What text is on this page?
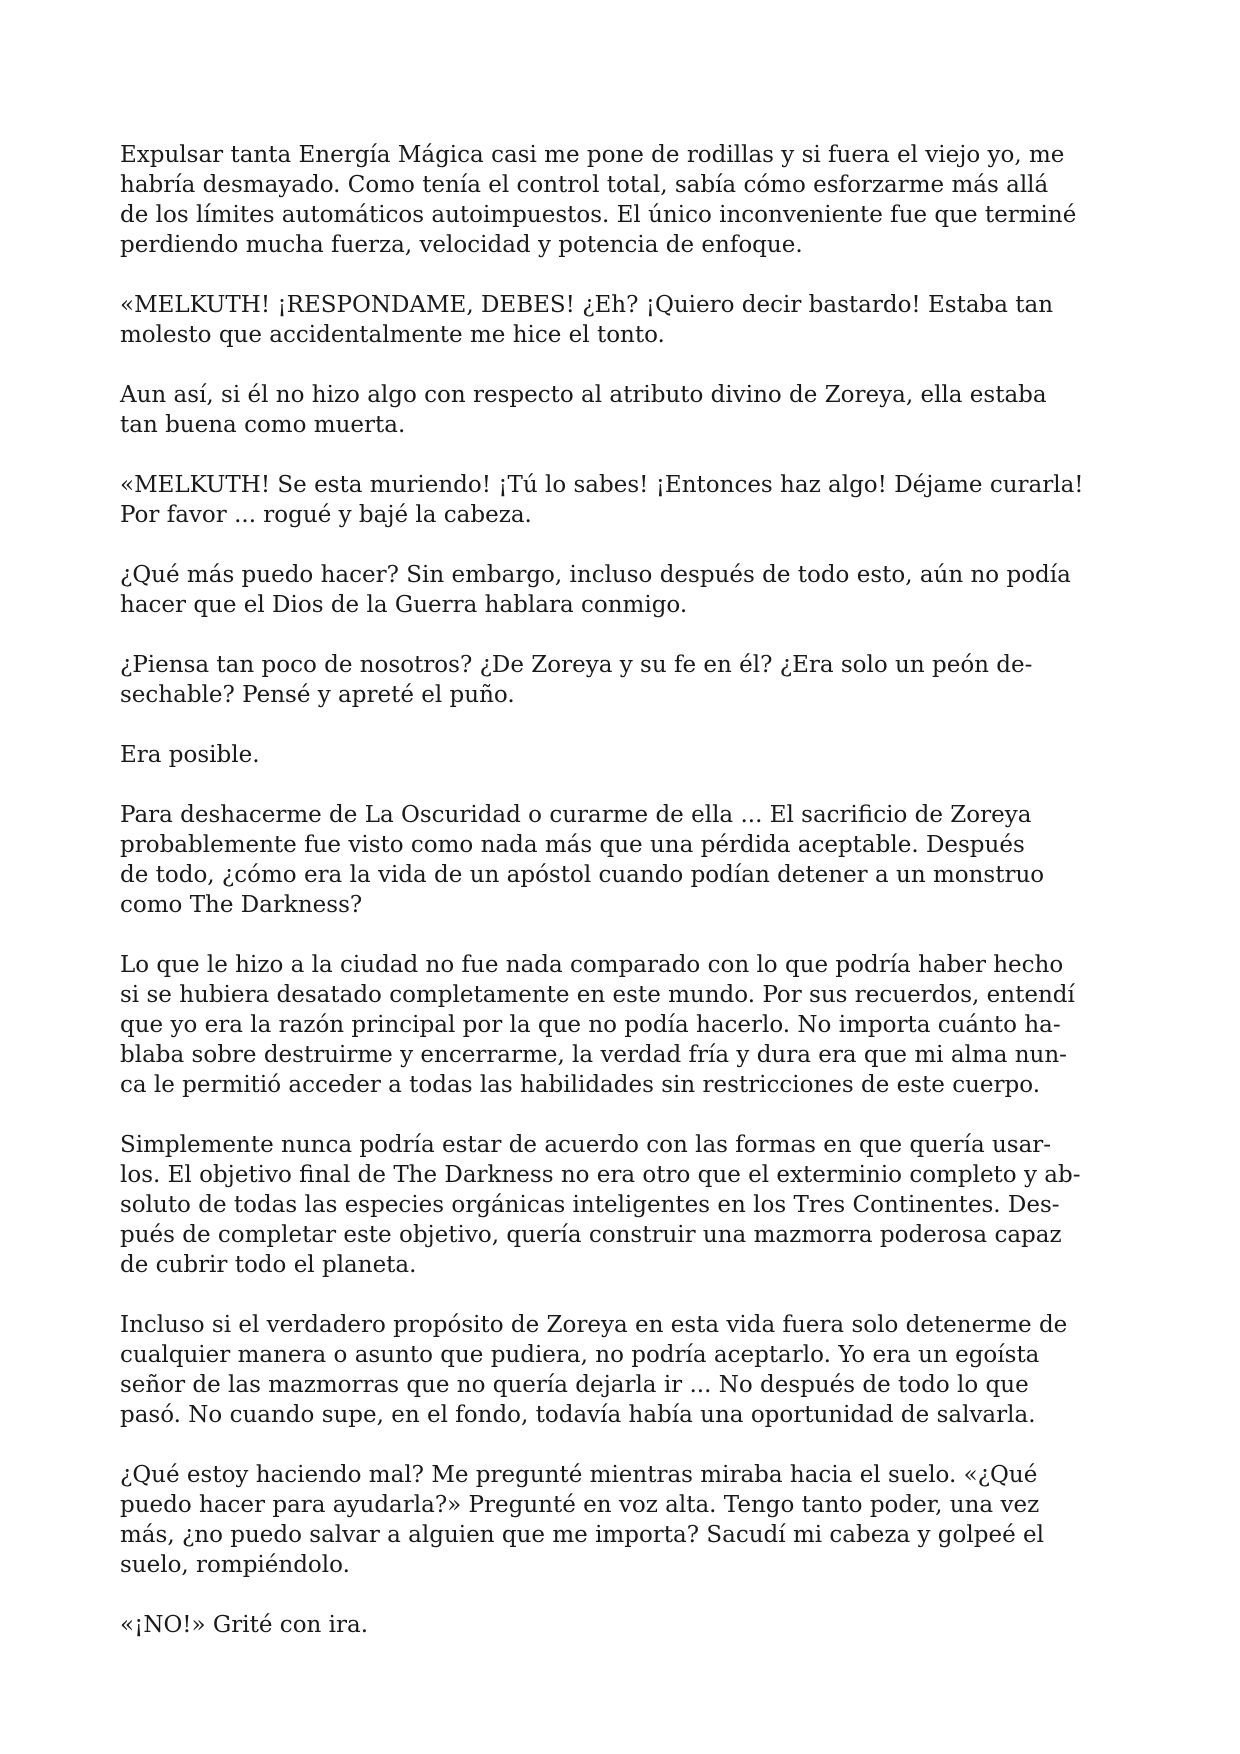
Expulsar tanta Energía Mágica casi me pone de rodillas y si fuera el viejo yo, me
habría desmayado. Como tenía el control total, sabía cómo esforzarme más allá
de los límites automáticos autoimpuestos. El único inconveniente fue que terminé
perdiendo mucha fuerza, velocidad y potencia de enfoque.

«MELKUTH! ¡RESPONDAME, DEBES! ¿Eh? ¡Quiero decir bastardo! Estaba tan
molesto que accidentalmente me hice el tonto.

Aun así, si él no hizo algo con respecto al atributo divino de Zoreya, ella estaba
tan buena como muerta.

«MELKUTH! Se esta muriendo! ¡Tú lo sabes! ¡Entonces haz algo! Déjame curarla!
Por favor ... rogué y bajé la cabeza.

¿Qué más puedo hacer? Sin embargo, incluso después de todo esto, aún no podía
hacer que el Dios de la Guerra hablara conmigo.

¿Piensa tan poco de nosotros? ¿De Zoreya y su fe en él? ¿Era solo un peón de-
sechable? Pensé y apreté el puño.

Era posible.

Para deshacerme de La Oscuridad o curarme de ella ... El sacrificio de Zoreya
probablemente fue visto como nada más que una pérdida aceptable. Después
de todo, ¿cómo era la vida de un apóstol cuando podían detener a un monstruo
como The Darkness?

Lo que le hizo a la ciudad no fue nada comparado con lo que podría haber hecho
si se hubiera desatado completamente en este mundo. Por sus recuerdos, entendí
que yo era la razón principal por la que no podía hacerlo. No importa cuánto ha-
blaba sobre destruirme y encerrarme, la verdad fría y dura era que mi alma nun-
ca le permitió acceder a todas las habilidades sin restricciones de este cuerpo.

Simplemente nunca podría estar de acuerdo con las formas en que quería usar-
los. El objetivo final de The Darkness no era otro que el exterminio completo y ab-
soluto de todas las especies orgánicas inteligentes en los Tres Continentes. Des-
pués de completar este objetivo, quería construir una mazmorra poderosa capaz
de cubrir todo el planeta.

Incluso si el verdadero propósito de Zoreya en esta vida fuera solo detenerme de
cualquier manera o asunto que pudiera, no podría aceptarlo. Yo era un egoísta
señor de las mazmorras que no quería dejarla ir ... No después de todo lo que
pasó. No cuando supe, en el fondo, todavía había una oportunidad de salvarla.

¿Qué estoy haciendo mal? Me pregunté mientras miraba hacia el suelo. «¿Qué
puedo hacer para ayudarla?» Pregunté en voz alta. Tengo tanto poder, una vez
más, ¿no puedo salvar a alguien que me importa? Sacudí mi cabeza y golpeé el
suelo, rompiéndolo.

«¡NO!» Grité con ira.
